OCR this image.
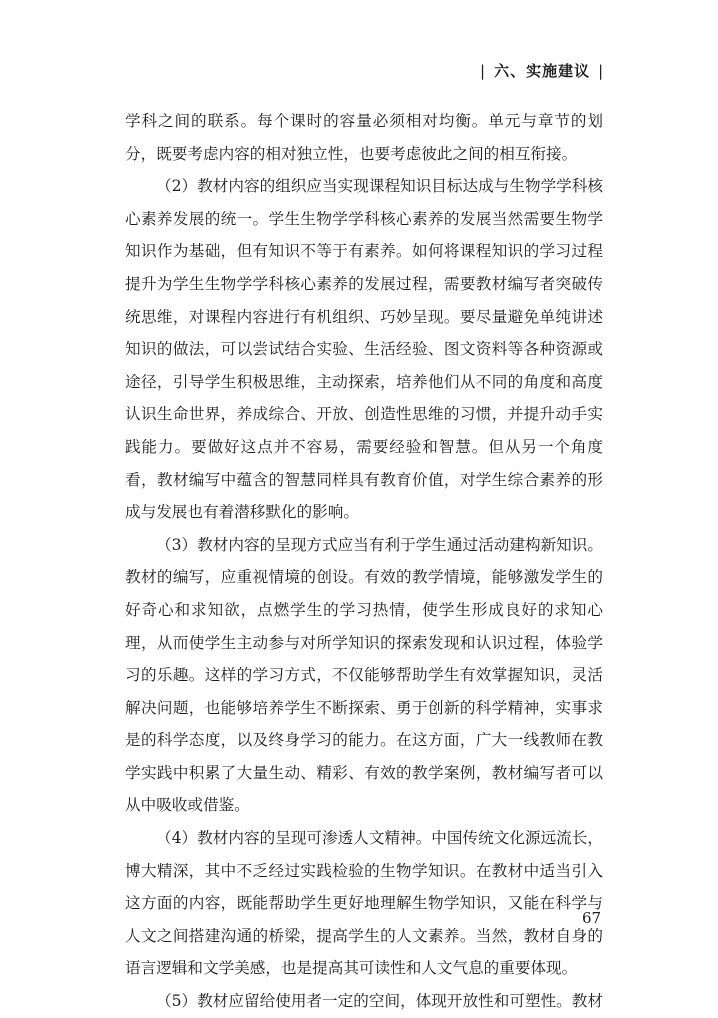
| 六、实施建议 |

学科之间的联系。每个课时的容量必须相对均衡。单元与章节的划分，既要考虑内容的相对独立性，也要考虑彼此之间的相互衔接。

（2）教材内容的组织应当实现课程知识目标达成与生物学学科核心素养发展的统一。学生生物学学科核心素养的发展当然需要生物学知识作为基础，但有知识不等于有素养。如何将课程知识的学习过程提升为学生生物学学科核心素养的发展过程，需要教材编写者突破传统思维，对课程内容进行有机组织、巧妙呈现。要尽量避免单纯讲述知识的做法，可以尝试结合实验、生活经验、图文资料等各种资源或途径，引导学生积极思维，主动探索，培养他们从不同的角度和高度认识生命世界，养成综合、开放、创造性思维的习惯，并提升动手实践能力。要做好这点并不容易，需要经验和智慧。但从另一个角度看，教材编写中蕴含的智慧同样具有教育价值，对学生综合素养的形成与发展也有着潜移默化的影响。

（3）教材内容的呈现方式应当有利于学生通过活动建构新知识。教材的编写，应重视情境的创设。有效的教学情境，能够激发学生的好奇心和求知欲，点燃学生的学习热情，使学生形成良好的求知心理，从而使学生主动参与对所学知识的探索发现和认识过程，体验学习的乐趣。这样的学习方式，不仅能够帮助学生有效掌握知识，灵活解决问题，也能够培养学生不断探索、勇于创新的科学精神，实事求是的科学态度，以及终身学习的能力。在这方面，广大一线教师在教学实践中积累了大量生动、精彩、有效的教学案例，教材编写者可以从中吸收或借鉴。

（4）教材内容的呈现可渗透人文精神。中国传统文化源远流长，博大精深，其中不乏经过实践检验的生物学知识。在教材中适当引入这方面的内容，既能帮助学生更好地理解生物学知识，又能在科学与人文之间搭建沟通的桥梁，提高学生的人文素养。当然，教材自身的语言逻辑和文学美感，也是提高其可读性和人文气息的重要体现。

（5）教材应留给使用者一定的空间，体现开放性和可塑性。教材

67
